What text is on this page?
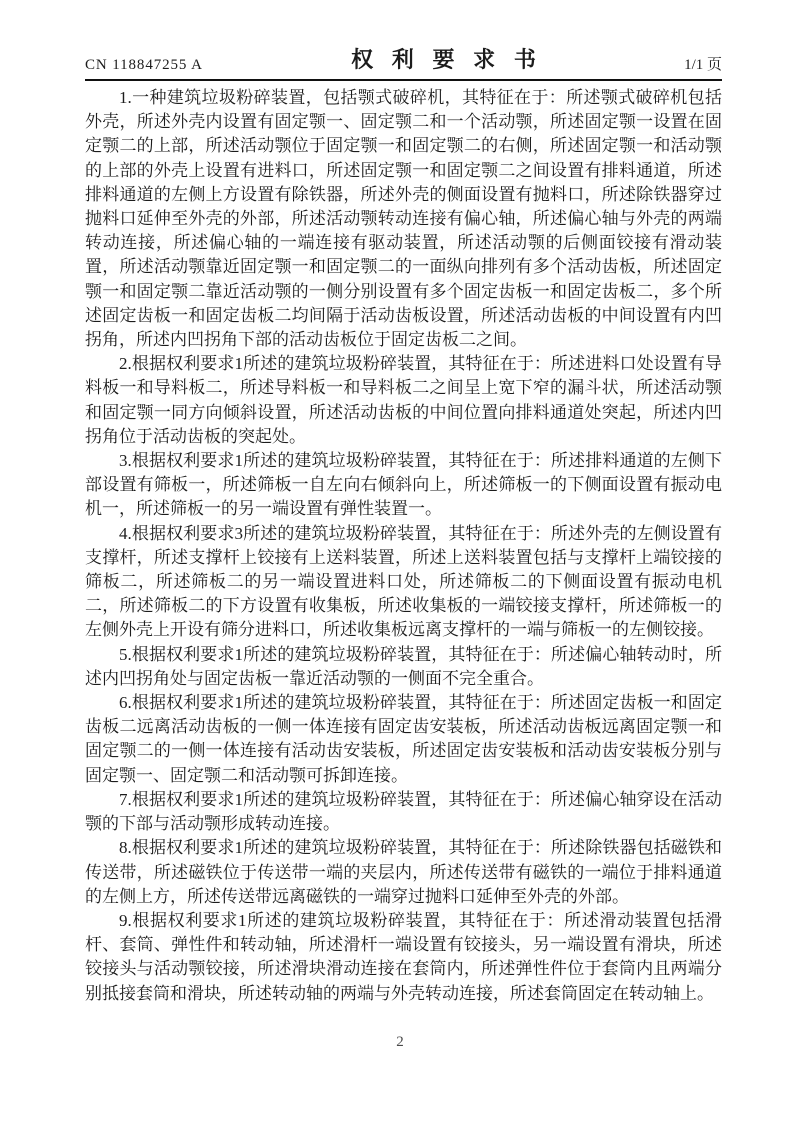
CN 118847255 A	权利要求书	1/1 页

1.一种建筑垃圾粉碎装置，包括颚式破碎机，其特征在于：所述颚式破碎机包括外壳，所述外壳内设置有固定颚一、固定颚二和一个活动颚，所述固定颚一设置在固定颚二的上部，所述活动颚位于固定颚一和固定颚二的右侧，所述固定颚一和活动颚的上部的外壳上设置有进料口，所述固定颚一和固定颚二之间设置有排料通道，所述排料通道的左侧上方设置有除铁器，所述外壳的侧面设置有抛料口，所述除铁器穿过抛料口延伸至外壳的外部，所述活动颚转动连接有偏心轴，所述偏心轴与外壳的两端转动连接，所述偏心轴的一端连接有驱动装置，所述活动颚的后侧面铰接有滑动装置，所述活动颚靠近固定颚一和固定颚二的一面纵向排列有多个活动齿板，所述固定颚一和固定颚二靠近活动颚的一侧分别设置有多个固定齿板一和固定齿板二，多个所述固定齿板一和固定齿板二均间隔于活动齿板设置，所述活动齿板的中间设置有内凹拐角，所述内凹拐角下部的活动齿板位于固定齿板二之间。

2.根据权利要求1所述的建筑垃圾粉碎装置，其特征在于：所述进料口处设置有导料板一和导料板二，所述导料板一和导料板二之间呈上宽下窄的漏斗状，所述活动颚和固定颚一同方向倾斜设置，所述活动齿板的中间位置向排料通道处突起，所述内凹拐角位于活动齿板的突起处。

3.根据权利要求1所述的建筑垃圾粉碎装置，其特征在于：所述排料通道的左侧下部设置有筛板一，所述筛板一自左向右倾斜向上，所述筛板一的下侧面设置有振动电机一，所述筛板一的另一端设置有弹性装置一。

4.根据权利要求3所述的建筑垃圾粉碎装置，其特征在于：所述外壳的左侧设置有支撑杆，所述支撑杆上铰接有上送料装置，所述上送料装置包括与支撑杆上端铰接的筛板二，所述筛板二的另一端设置进料口处，所述筛板二的下侧面设置有振动电机二，所述筛板二的下方设置有收集板，所述收集板的一端铰接支撑杆，所述筛板一的左侧外壳上开设有筛分进料口，所述收集板远离支撑杆的一端与筛板一的左侧铰接。

5.根据权利要求1所述的建筑垃圾粉碎装置，其特征在于：所述偏心轴转动时，所述内凹拐角处与固定齿板一靠近活动颚的一侧面不完全重合。

6.根据权利要求1所述的建筑垃圾粉碎装置，其特征在于：所述固定齿板一和固定齿板二远离活动齿板的一侧一体连接有固定齿安装板，所述活动齿板远离固定颚一和固定颚二的一侧一体连接有活动齿安装板，所述固定齿安装板和活动齿安装板分别与固定颚一、固定颚二和活动颚可拆卸连接。

7.根据权利要求1所述的建筑垃圾粉碎装置，其特征在于：所述偏心轴穿设在活动颚的下部与活动颚形成转动连接。

8.根据权利要求1所述的建筑垃圾粉碎装置，其特征在于：所述除铁器包括磁铁和传送带，所述磁铁位于传送带一端的夹层内，所述传送带有磁铁的一端位于排料通道的左侧上方，所述传送带远离磁铁的一端穿过抛料口延伸至外壳的外部。

9.根据权利要求1所述的建筑垃圾粉碎装置，其特征在于：所述滑动装置包括滑杆、套筒、弹性件和转动轴，所述滑杆一端设置有铰接头，另一端设置有滑块，所述铰接头与活动颚铰接，所述滑块滑动连接在套筒内，所述弹性件位于套筒内且两端分别抵接套筒和滑块，所述转动轴的两端与外壳转动连接，所述套筒固定在转动轴上。

2
